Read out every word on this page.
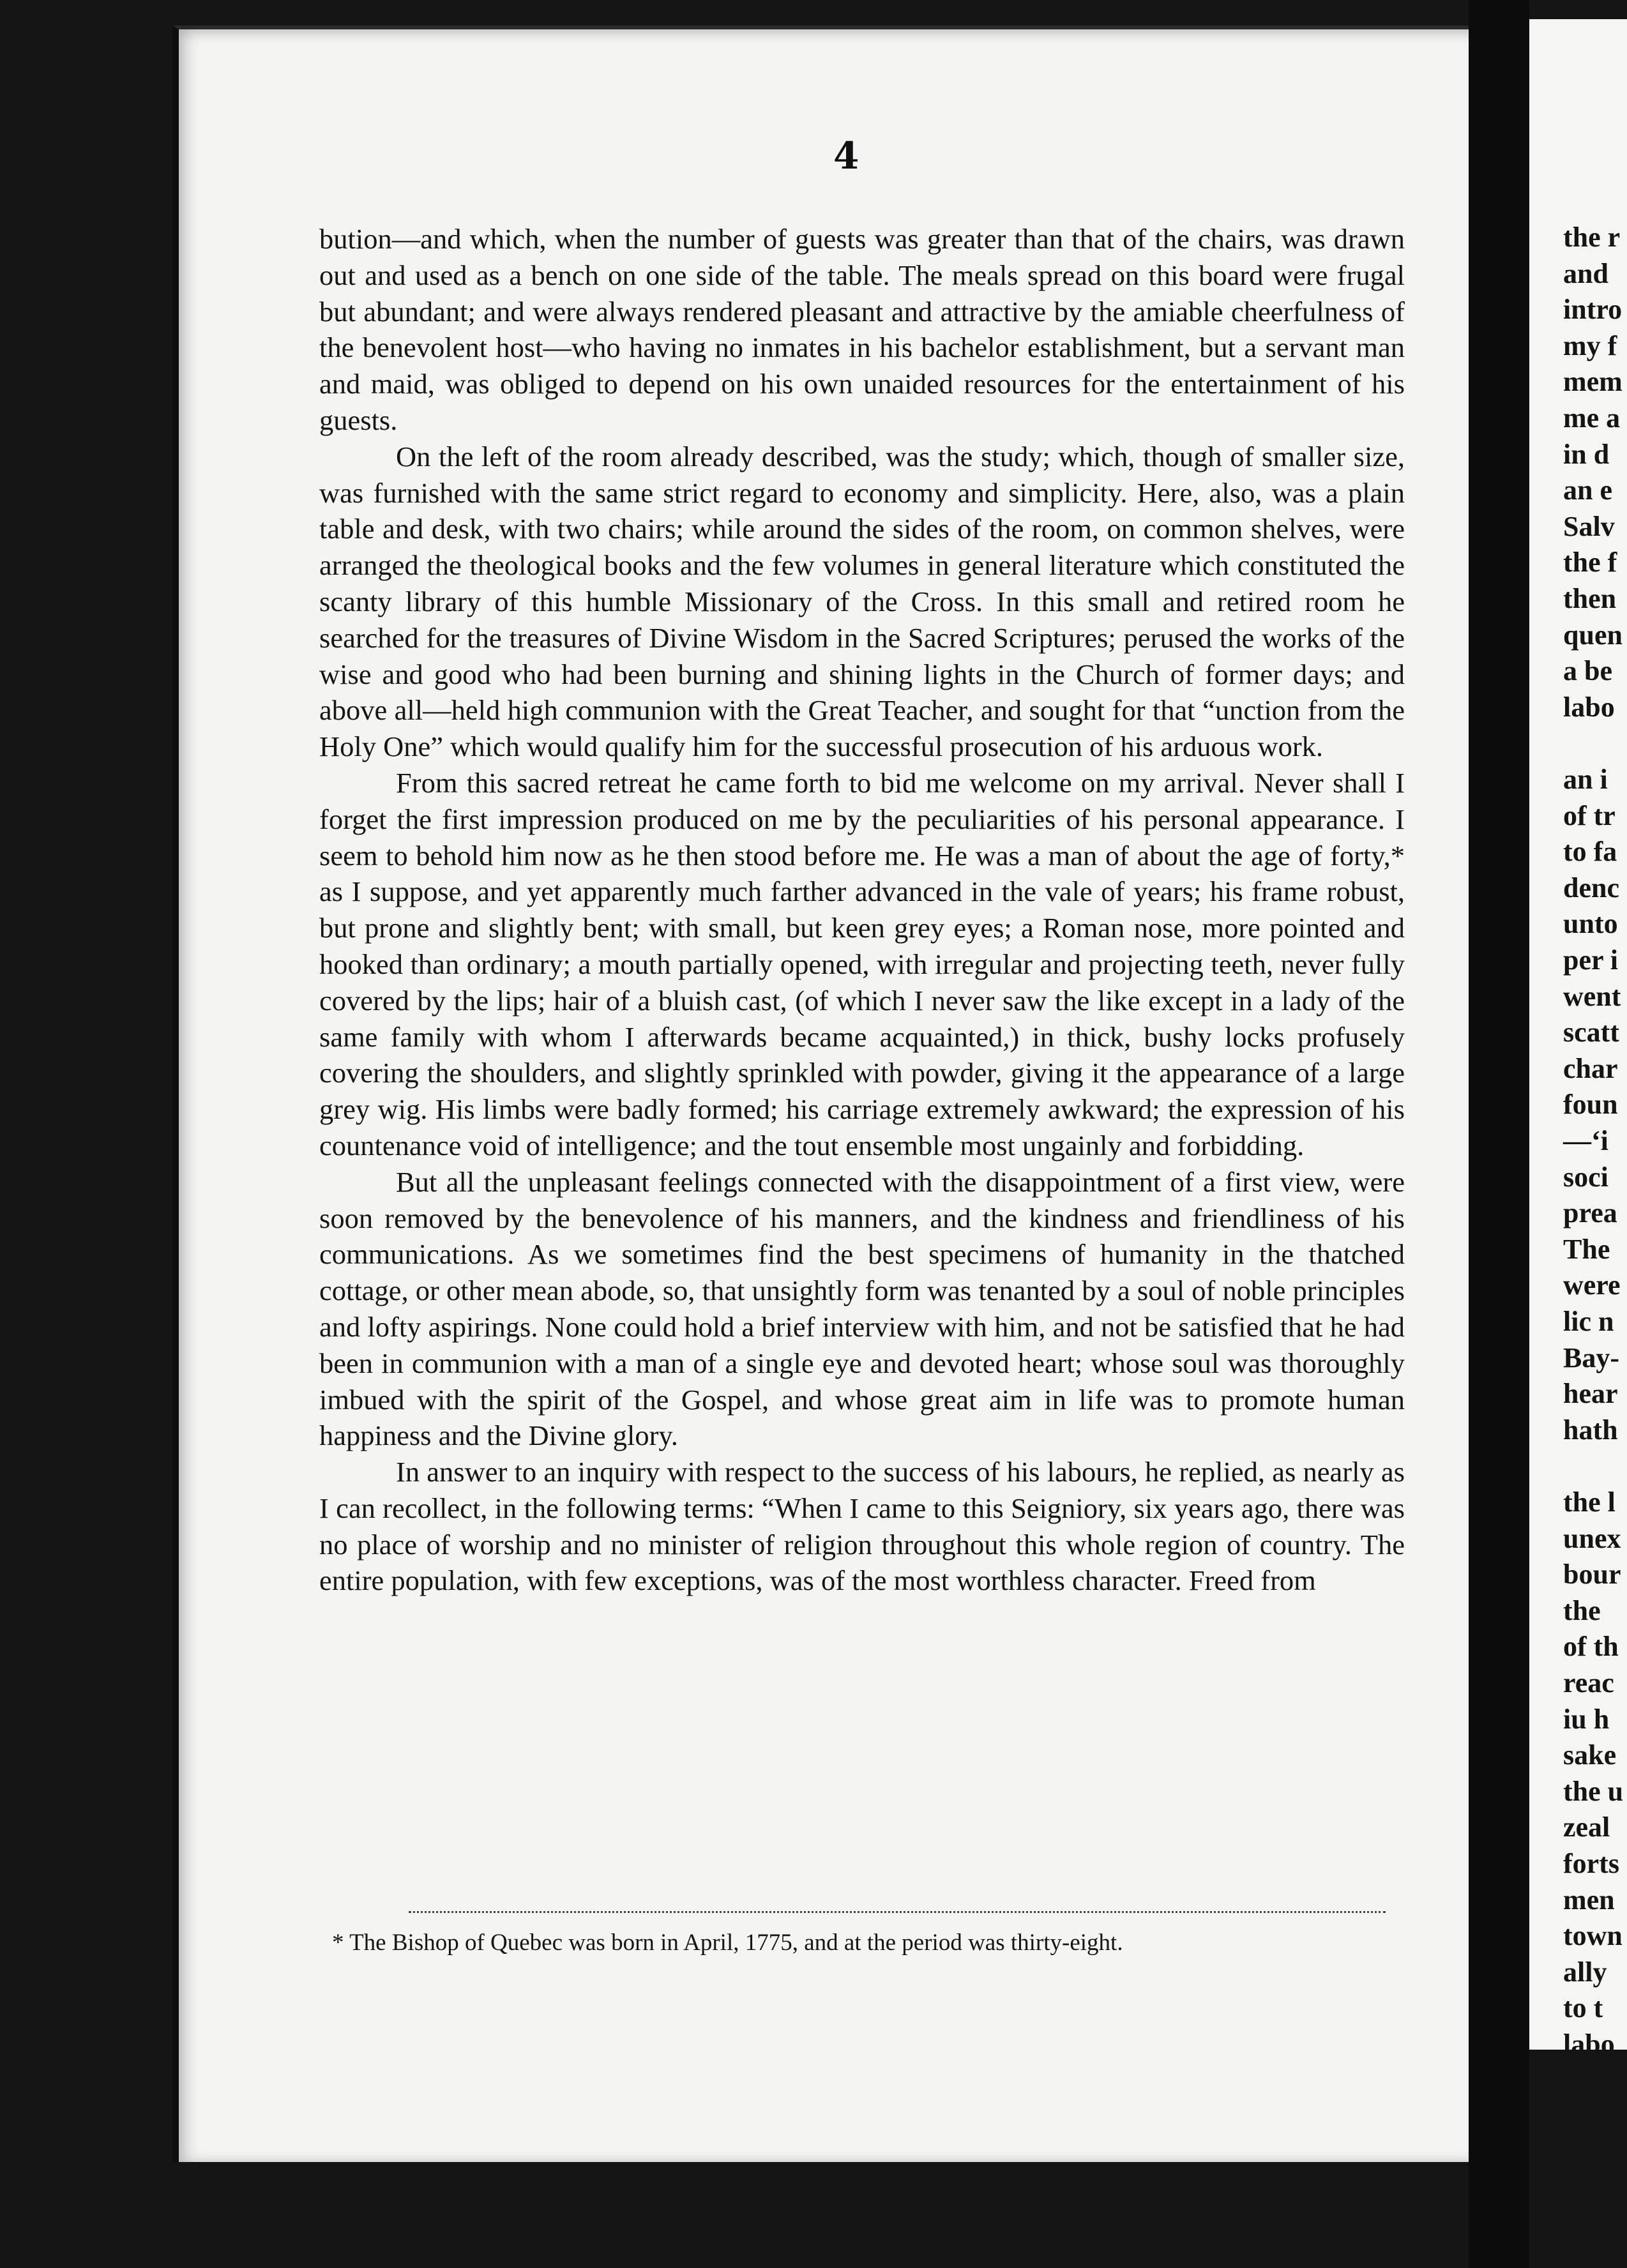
4

bution—and which, when the number of guests was greater than that of the chairs, was drawn out and used as a bench on one side of the table. The meals spread on this board were frugal but abundant; and were always rendered pleasant and attractive by the amiable cheerfulness of the benevolent host—who having no inmates in his bachelor establishment, but a servant man and maid, was obliged to depend on his own unaided resources for the entertainment of his guests.

On the left of the room already described, was the study; which, though of smaller size, was furnished with the same strict regard to economy and simplicity. Here, also, was a plain table and desk, with two chairs; while around the sides of the room, on common shelves, were arranged the theological books and the few volumes in general literature which constituted the scanty library of this humble Missionary of the Cross. In this small and retired room he searched for the treasures of Divine Wisdom in the Sacred Scriptures; perused the works of the wise and good who had been burning and shining lights in the Church of former days; and above all—held high communion with the Great Teacher, and sought for that “unction from the Holy One” which would qualify him for the successful prosecution of his arduous work.

From this sacred retreat he came forth to bid me welcome on my arrival. Never shall I forget the first impression produced on me by the peculiarities of his personal appearance. I seem to behold him now as he then stood before me. He was a man of about the age of forty,* as I suppose, and yet apparently much farther advanced in the vale of years; his frame robust, but prone and slightly bent; with small, but keen grey eyes; a Roman nose, more pointed and hooked than ordinary; a mouth partially opened, with irregular and projecting teeth, never fully covered by the lips; hair of a bluish cast, (of which I never saw the like except in a lady of the same family with whom I afterwards became acquainted,) in thick, bushy locks profusely covering the shoulders, and slightly sprinkled with powder, giving it the appearance of a large grey wig. His limbs were badly formed; his carriage extremely awkward; the expression of his countenance void of intelligence; and the tout ensemble most ungainly and forbidding.

But all the unpleasant feelings connected with the disappointment of a first view, were soon removed by the benevolence of his manners, and the kindness and friendliness of his communications. As we sometimes find the best specimens of humanity in the thatched cottage, or other mean abode, so, that unsightly form was tenanted by a soul of noble principles and lofty aspirings. None could hold a brief interview with him, and not be satisfied that he had been in communion with a man of a single eye and devoted heart; whose soul was thoroughly imbued with the spirit of the Gospel, and whose great aim in life was to promote human happiness and the Divine glory.

In answer to an inquiry with respect to the success of his labours, he replied, as nearly as I can recollect, in the following terms: “When I came to this Seigniory, six years ago, there was no place of worship and no minister of religion throughout this whole region of country. The entire population, with few exceptions, was of the most worthless character. Freed from

* The Bishop of Quebec was born in April, 1775, and at the period was thirty-eight.
the r
and
intro
my f
mem
me a
in d
an e
Salv
the f
then
quen
a be
labo
an i
of tr
to fa
denc
unto
per i
went
scatt
char
foun
—‘i
soci
prea
The
were
lic n
Bay-
hear
hath
the l
unex
bour
the
of th
reac
iu h
sake
the u
zeal
forts
men
town
ally
to t
labo
